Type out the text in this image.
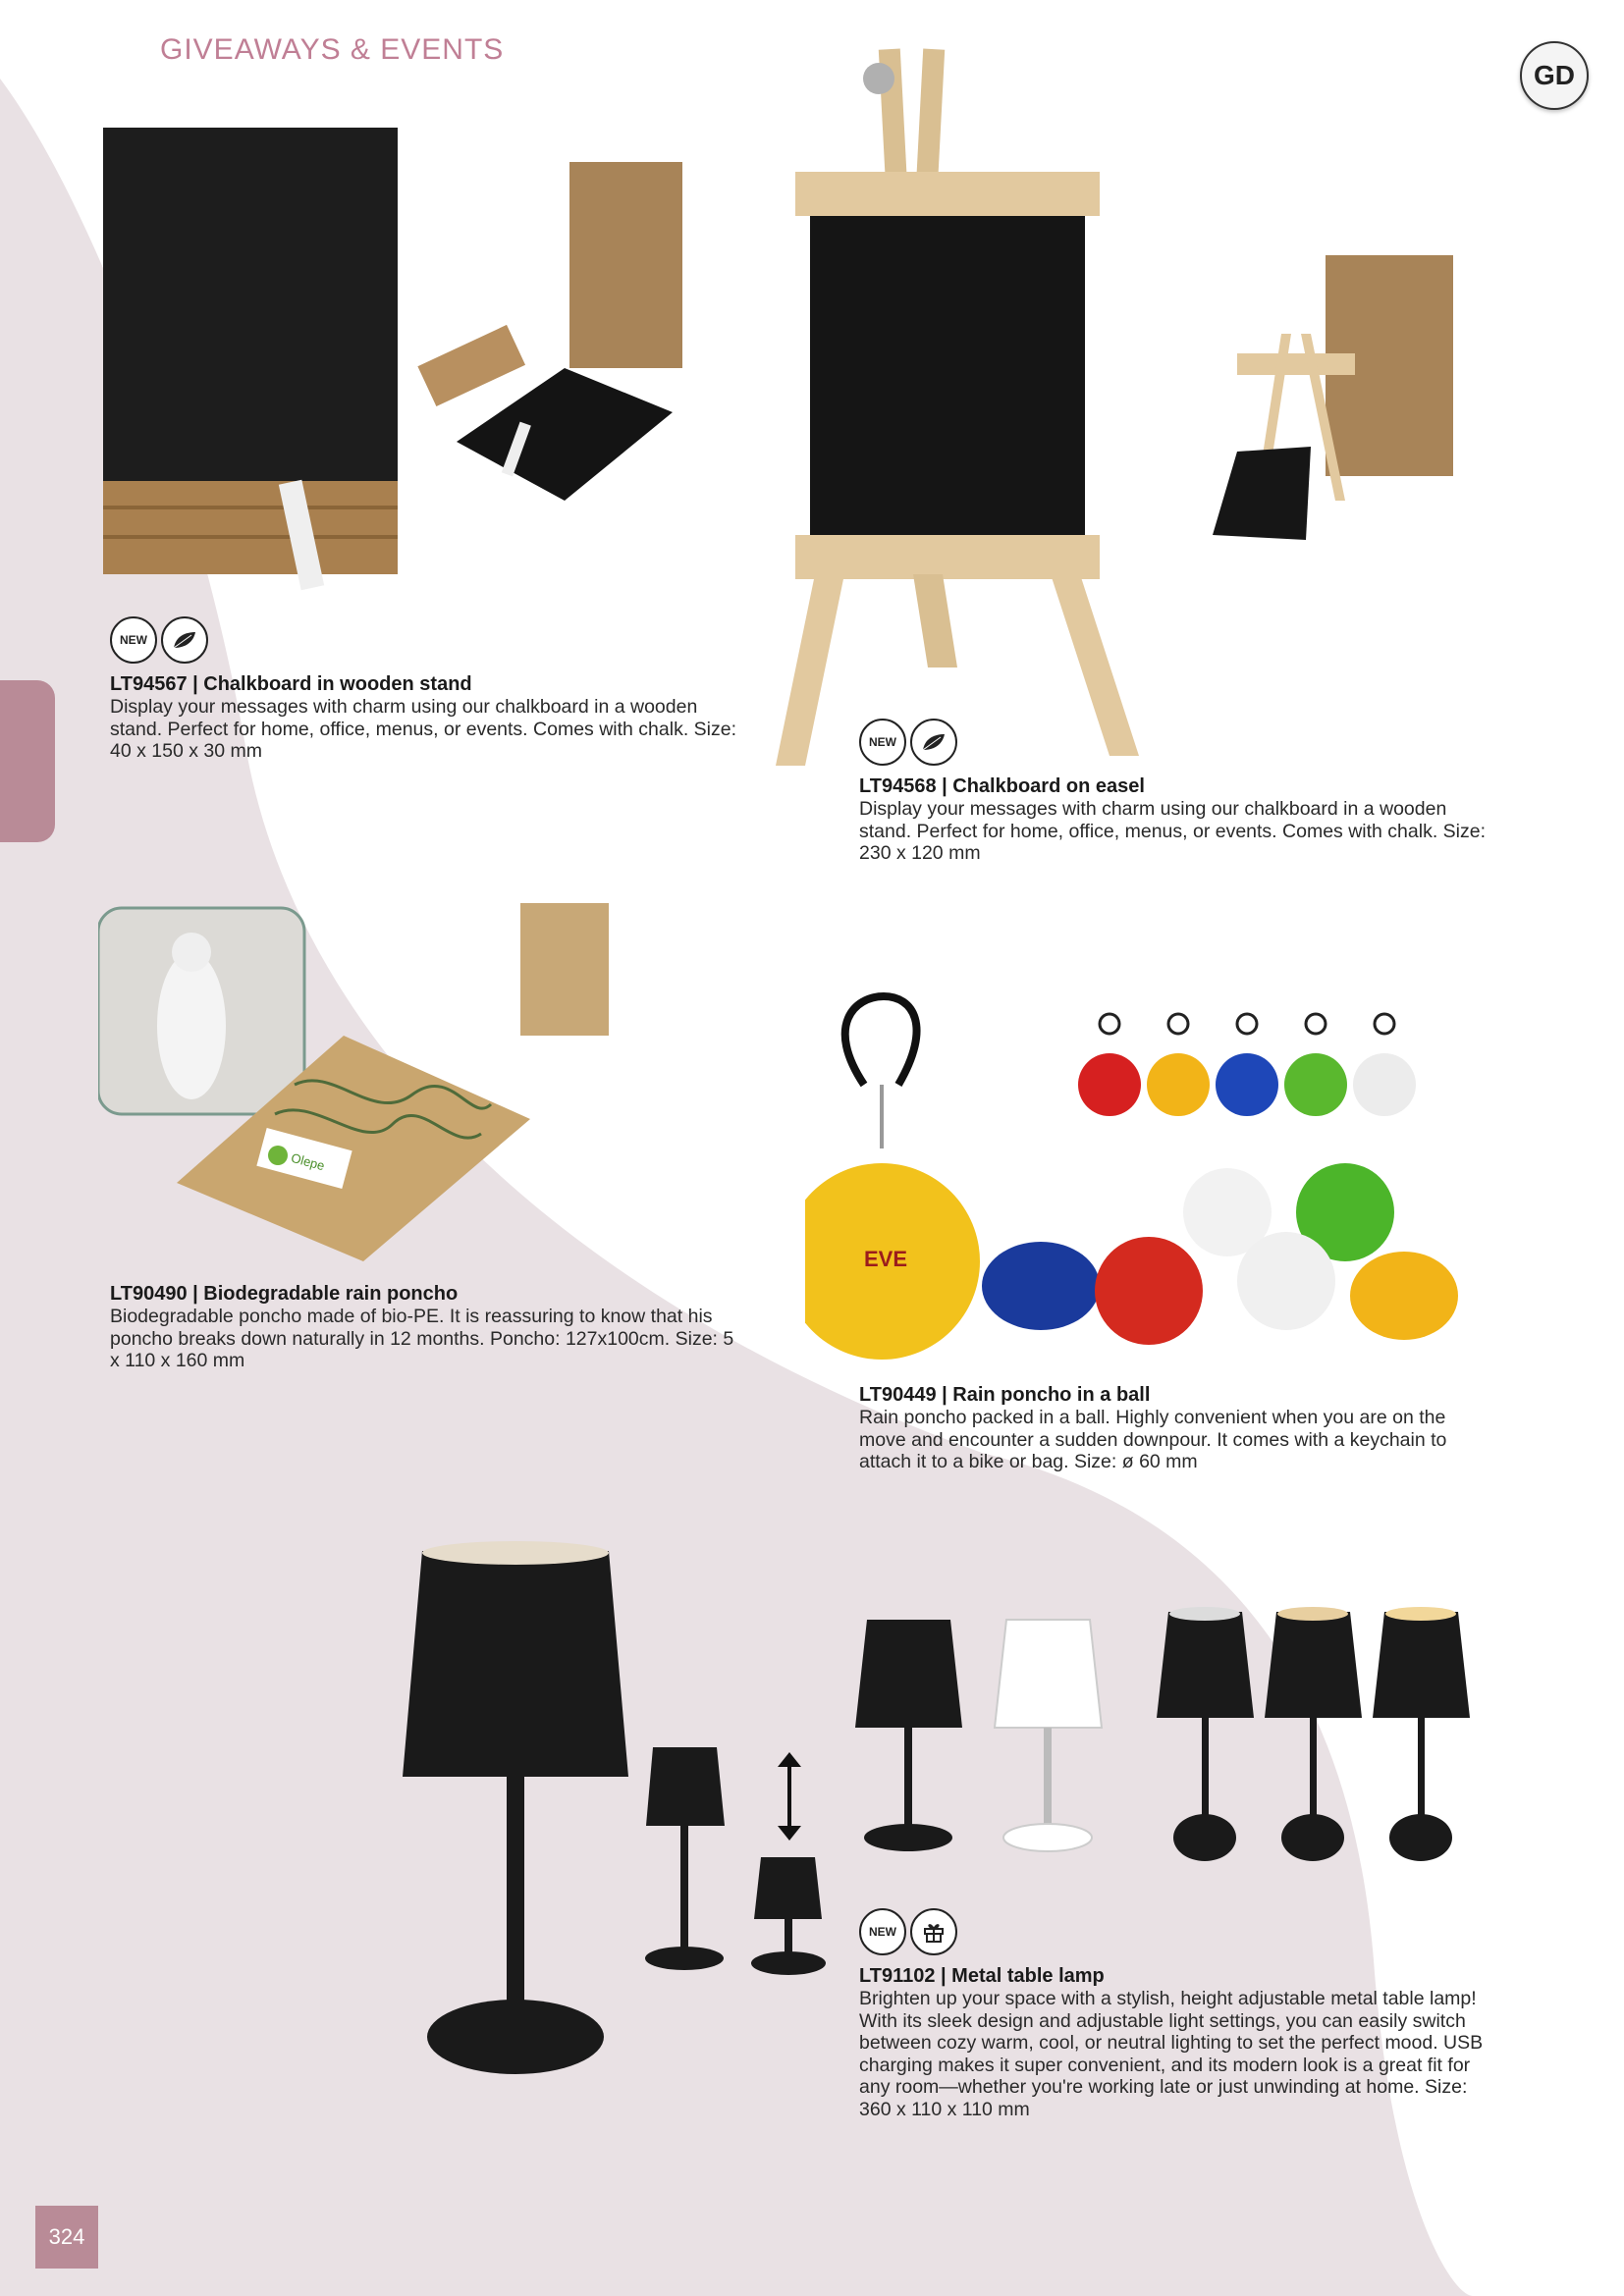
GIVEAWAYS & EVENTS
GD
324
Olepe
EVE
NEW
LT94567 | Chalkboard in wooden stand
Display your messages with charm using our chalkboard in a wooden stand. Perfect for home, office, menus, or events. Comes with chalk. Size: 40 x 150 x 30 mm	NEW
LT94568 | Chalkboard on easel
Display your messages with charm using our chalkboard in a wooden stand. Perfect for home, office, menus, or events. Comes with chalk. Size: 230 x 120 mm
LT90490 | Biodegradable rain poncho
Biodegradable poncho made of bio-PE. It is reassuring to know that his poncho breaks down naturally in 12 months. Poncho: 127x100cm. Size: 5 x 110 x 160 mm
LT90449 | Rain poncho in a ball
Rain poncho packed in a ball. Highly convenient when you are on the move and encounter a sudden downpour. It comes with a keychain to attach it to a bike or bag. Size: ø 60 mm
NEW
LT91102 | Metal table lamp
Brighten up your space with a stylish, height adjustable metal table lamp! With its sleek design and adjustable light settings, you can easily switch between cozy warm, cool, or neutral lighting to set the perfect mood. USB charging makes it super convenient, and its modern look is a great fit for any room—whether you're working late or just unwinding at home. Size: 360 x 110 x 110 mm
